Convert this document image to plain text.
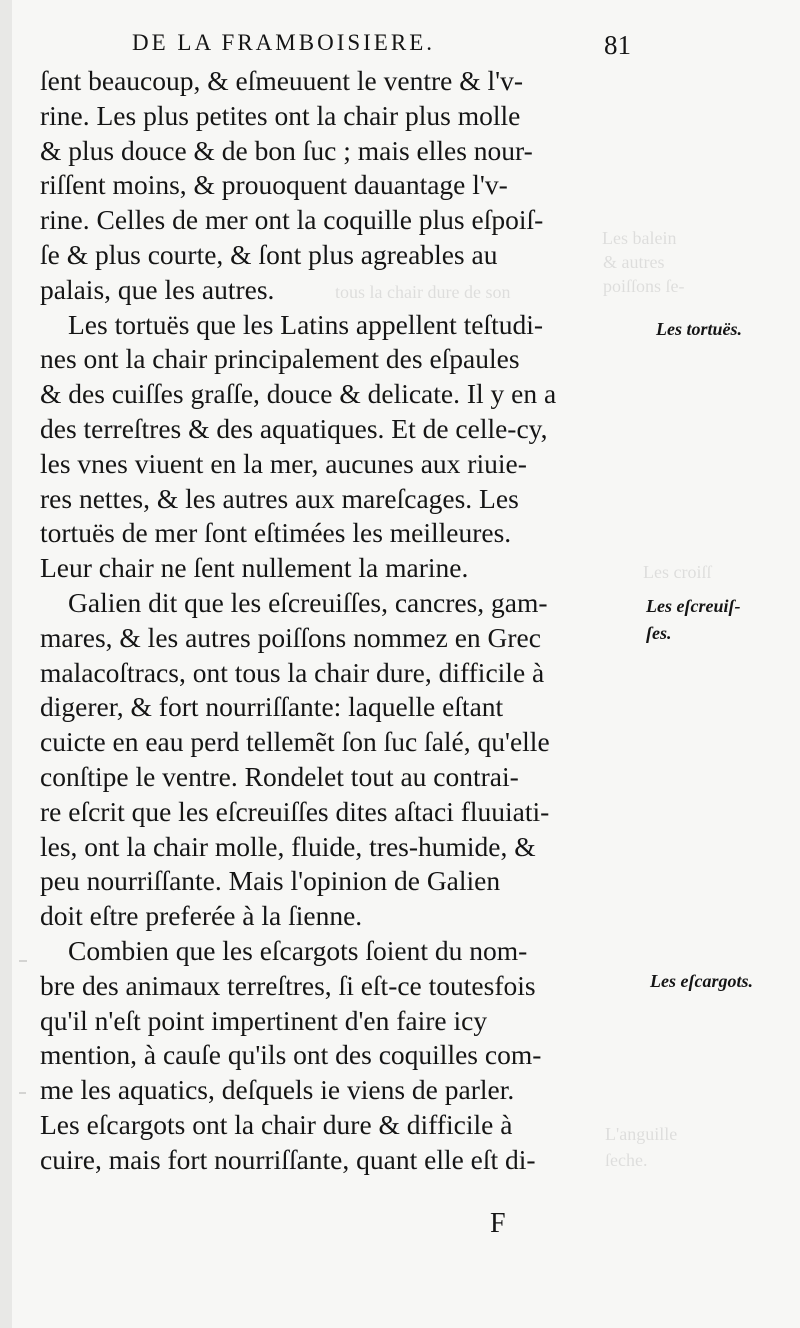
Les balein
& autres
poiſſons ſe-
tous la chair dure de son
Les croiſſ
L'anguille
ſeche.
DE LA FRAMBOISIERE.	81
ſent beaucoup, & eſmeuuent le ventre & l'v-
rine. Les plus petites ont la chair plus molle
& plus douce & de bon ſuc ; mais elles nour-
riſſent moins, & prouoquent dauantage l'v-
rine. Celles de mer ont la coquille plus eſpoiſ-
ſe & plus courte, & ſont plus agreables au
palais, que les autres.
Les tortuës que les Latins appellent teſtudi-
nes ont la chair principalement des eſpaules
& des cuiſſes graſſe, douce & delicate. Il y en a
des terreſtres & des aquatiques. Et de celle-cy,
les vnes viuent en la mer, aucunes aux riuie-
res nettes, & les autres aux mareſcages. Les
tortuës de mer ſont eſtimées les meilleures.
Leur chair ne ſent nullement la marine.
Galien dit que les eſcreuiſſes, cancres, gam-
mares, & les autres poiſſons nommez en Grec
malacoſtracs, ont tous la chair dure, difficile à
digerer, & fort nourriſſante: laquelle eſtant
cuicte en eau perd tellemẽt ſon ſuc ſalé, qu'elle
conſtipe le ventre. Rondelet tout au contrai-
re eſcrit que les eſcreuiſſes dites aſtaci fluuiati-
les, ont la chair molle, fluide, tres-humide, &
peu nourriſſante. Mais l'opinion de Galien
doit eſtre preferée à la ſienne.
Combien que les eſcargots ſoient du nom-
bre des animaux terreſtres, ſi eſt-ce toutesfois
qu'il n'eſt point impertinent d'en faire icy
mention, à cauſe qu'ils ont des coquilles com-
me les aquatics, deſquels ie viens de parler.
Les eſcargots ont la chair dure & difficile à
cuire, mais fort nourriſſante, quant elle eſt di-
Les tortuës.
Les eſcreuiſ-
ſes.
Les eſcargots.
F
